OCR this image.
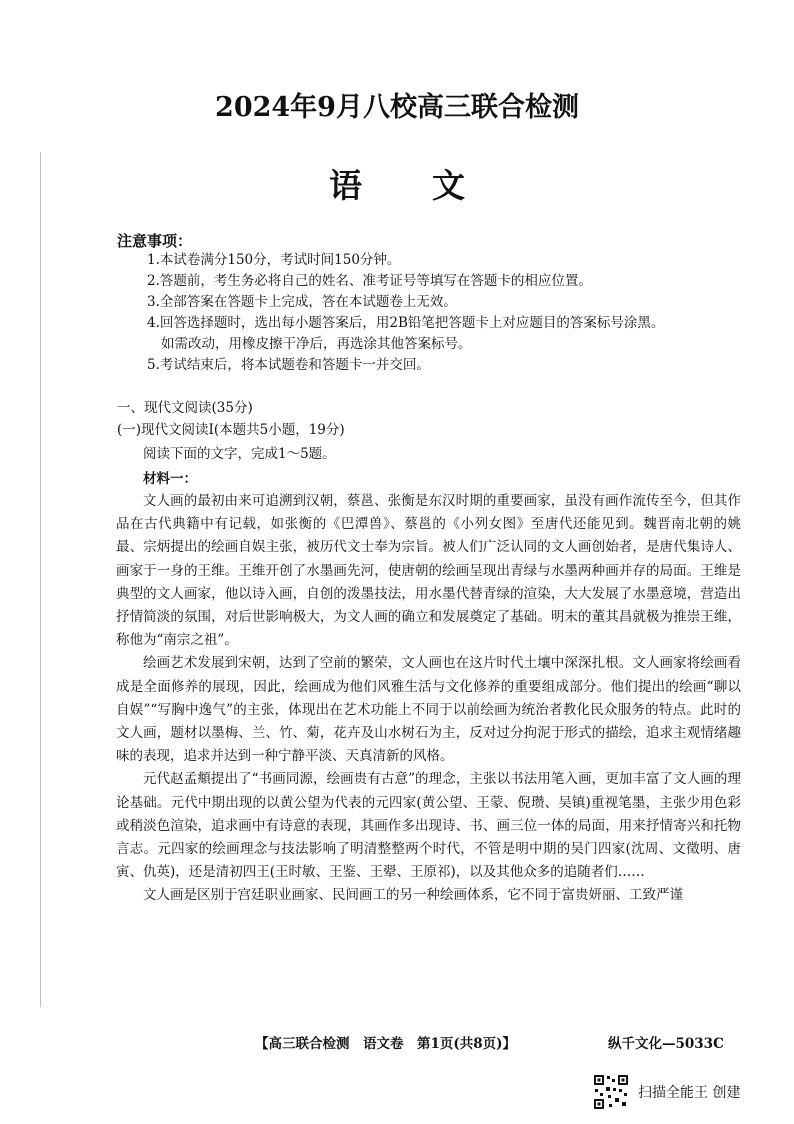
2024年9月八校高三联合检测
语文
注意事项：
1.本试卷满分150分，考试时间150分钟。
2.答题前，考生务必将自己的姓名、准考证号等填写在答题卡的相应位置。
3.全部答案在答题卡上完成，答在本试题卷上无效。
4.回答选择题时，选出每小题答案后，用2B铅笔把答题卡上对应题目的答案标号涂黑。
如需改动，用橡皮擦干净后，再选涂其他答案标号。
5.考试结束后，将本试题卷和答题卡一并交回。
一、现代文阅读(35分)
(一)现代文阅读Ⅰ(本题共5小题，19分)
阅读下面的文字，完成1～5题。
材料一：

文人画的最初由来可追溯到汉朝，蔡邕、张衡是东汉时期的重要画家，虽没有画作流传至今，但其作品在古代典籍中有记载，如张衡的《巴潭兽》、蔡邕的《小列女图》至唐代还能见到。魏晋南北朝的姚最、宗炳提出的绘画自娱主张，被历代文士奉为宗旨。被人们广泛认同的文人画创始者，是唐代集诗人、画家于一身的王维。王维开创了水墨画先河，使唐朝的绘画呈现出青绿与水墨两种画并存的局面。王维是典型的文人画家，他以诗入画，自创的泼墨技法，用水墨代替青绿的渲染，大大发展了水墨意境，营造出抒情简淡的氛围，对后世影响极大，为文人画的确立和发展奠定了基础。明末的董其昌就极为推崇王维，称他为“南宗之祖”。

绘画艺术发展到宋朝，达到了空前的繁荣，文人画也在这片时代土壤中深深扎根。文人画家将绘画看成是全面修养的展现，因此，绘画成为他们风雅生活与文化修养的重要组成部分。他们提出的绘画“聊以自娱”“写胸中逸气”的主张，体现出在艺术功能上不同于以前绘画为统治者教化民众服务的特点。此时的文人画，题材以墨梅、兰、竹、菊，花卉及山水树石为主，反对过分拘泥于形式的描绘，追求主观情绪趣味的表现，追求并达到一种宁静平淡、天真清新的风格。

元代赵孟頫提出了“书画同源，绘画贵有古意”的理念，主张以书法用笔入画，更加丰富了文人画的理论基础。元代中期出现的以黄公望为代表的元四家(黄公望、王蒙、倪瓒、吴镇)重视笔墨，主张少用色彩或稍淡色渲染，追求画中有诗意的表现，其画作多出现诗、书、画三位一体的局面，用来抒情寄兴和托物言志。元四家的绘画理念与技法影响了明清整整两个时代，不管是明中期的吴门四家(沈周、文徵明、唐寅、仇英)，还是清初四王(王时敏、王鉴、王翚、王原祁)，以及其他众多的追随者们……

文人画是区别于宫廷职业画家、民间画工的另一种绘画体系，它不同于富贵妍丽、工致严谨

【高三联合检测　语文卷　第1页(共8页)】	纵千文化—5033C
扫描全能王 创建
